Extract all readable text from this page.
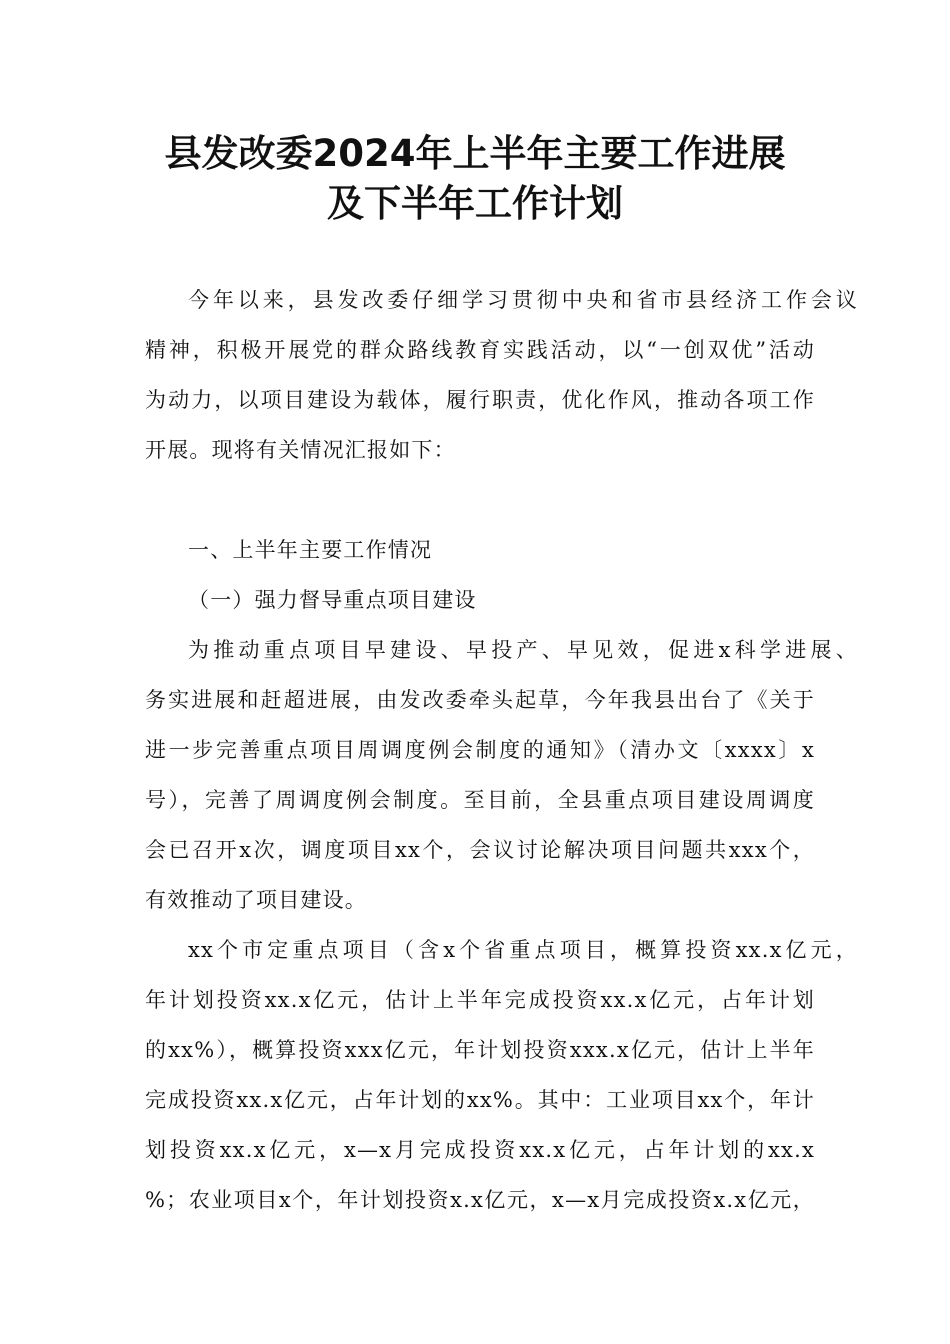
县发改委2024年上半年主要工作进展
及下半年工作计划

今年以来，县发改委仔细学习贯彻中央和省市县经济工作会议

精神，积极开展党的群众路线教育实践活动，以“一创双优”活动

为动力，以项目建设为载体，履行职责，优化作风，推动各项工作

开展。现将有关情况汇报如下：

一、上半年主要工作情况

（一）强力督导重点项目建设

为推动重点项目早建设、早投产、早见效，促进x科学进展、

务实进展和赶超进展，由发改委牵头起草，今年我县出台了《关于

进一步完善重点项目周调度例会制度的通知》（清办文〔xxxx〕x

号），完善了周调度例会制度。至目前，全县重点项目建设周调度

会已召开x次，调度项目xx个，会议讨论解决项目问题共xxx个，

有效推动了项目建设。

xx个市定重点项目（含x个省重点项目，概算投资xx.x亿元，

年计划投资xx.x亿元，估计上半年完成投资xx.x亿元，占年计划

的xx%），概算投资xxx亿元，年计划投资xxx.x亿元，估计上半年

完成投资xx.x亿元，占年计划的xx%。其中：工业项目xx个，年计

划投资xx.x亿元，x—x月完成投资xx.x亿元，占年计划的xx.x

%；农业项目x个，年计划投资x.x亿元，x—x月完成投资x.x亿元，
